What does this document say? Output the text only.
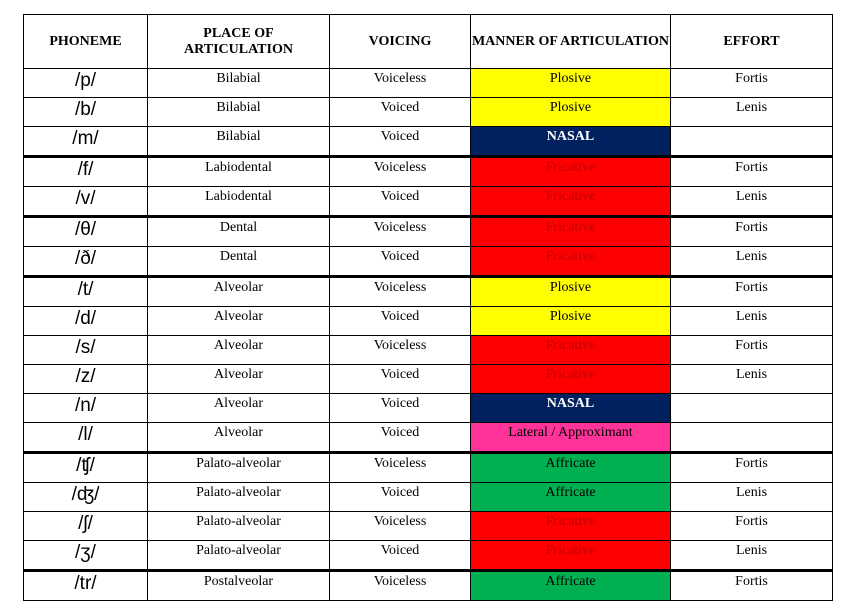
PHONEME	PLACE OF ARTICULATION	VOICING	MANNER OF ARTICULATION	EFFORT
/p/	Bilabial	Voiceless	Plosive	Fortis
/b/	Bilabial	Voiced	Plosive	Lenis
/m/	Bilabial	Voiced	NASAL	
/f/	Labiodental	Voiceless	Fricative	Fortis
/v/	Labiodental	Voiced	Fricative	Lenis
/θ/	Dental	Voiceless	Fricative	Fortis
/ð/	Dental	Voiced	Fricative	Lenis
/t/	Alveolar	Voiceless	Plosive	Fortis
/d/	Alveolar	Voiced	Plosive	Lenis
/s/	Alveolar	Voiceless	Fricative	Fortis
/z/	Alveolar	Voiced	Fricative	Lenis
/n/	Alveolar	Voiced	NASAL	
/l/	Alveolar	Voiced	Lateral / Approximant	
/ʧ/	Palato-alveolar	Voiceless	Affricate	Fortis
/ʤ/	Palato-alveolar	Voiced	Affricate	Lenis
/ʃ/	Palato-alveolar	Voiceless	Fricative	Fortis
/ʒ/	Palato-alveolar	Voiced	Fricative	Lenis
/tr/	Postalveolar	Voiceless	Affricate	Fortis
